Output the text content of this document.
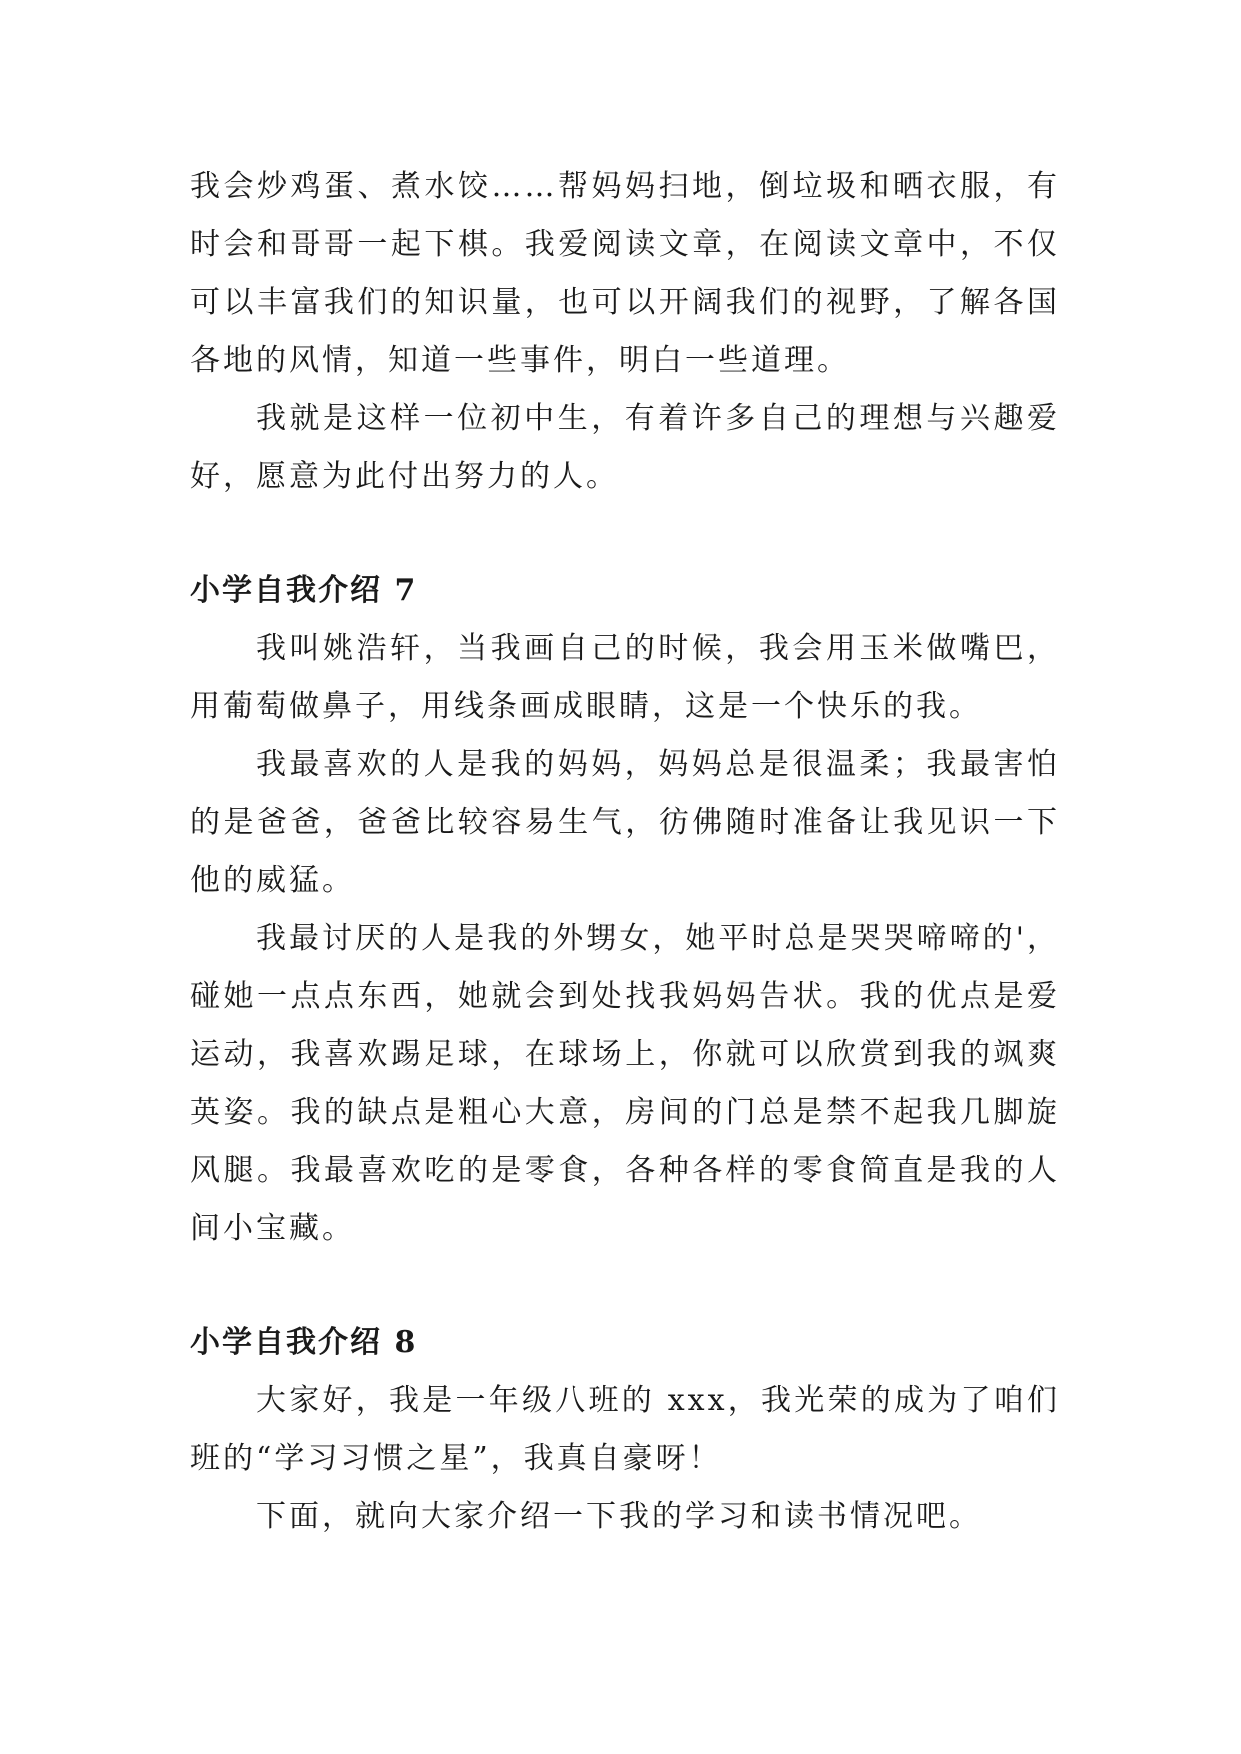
我会炒鸡蛋、煮水饺……帮妈妈扫地，倒垃圾和晒衣服，有时会和哥哥一起下棋。我爱阅读文章，在阅读文章中，不仅可以丰富我们的知识量，也可以开阔我们的视野，了解各国各地的风情，知道一些事件，明白一些道理。

我就是这样一位初中生，有着许多自己的理想与兴趣爱好，愿意为此付出努力的人。

小学自我介绍 7

我叫姚浩轩，当我画自己的时候，我会用玉米做嘴巴，用葡萄做鼻子，用线条画成眼睛，这是一个快乐的我。

我最喜欢的人是我的妈妈，妈妈总是很温柔；我最害怕的是爸爸，爸爸比较容易生气，彷佛随时准备让我见识一下他的威猛。

我最讨厌的人是我的外甥女，她平时总是哭哭啼啼的'，碰她一点点东西，她就会到处找我妈妈告状。我的优点是爱运动，我喜欢踢足球，在球场上，你就可以欣赏到我的飒爽英姿。我的缺点是粗心大意，房间的门总是禁不起我几脚旋风腿。我最喜欢吃的是零食，各种各样的零食简直是我的人间小宝藏。

小学自我介绍 8

大家好，我是一年级八班的 xxx，我光荣的成为了咱们班的“学习习惯之星”，我真自豪呀！

下面，就向大家介绍一下我的学习和读书情况吧。
